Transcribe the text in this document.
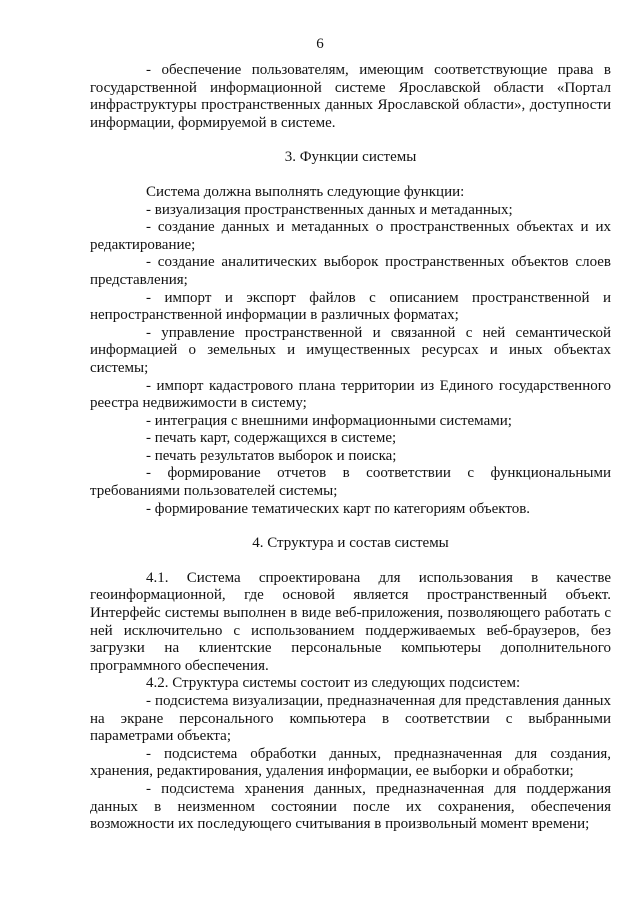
6

- обеспечение пользователям, имеющим соответствующие права в государственной информационной системе Ярославской области «Портал инфраструктуры пространственных данных Ярославской области», доступности информации, формируемой в системе.

3. Функции системы

Система должна выполнять следующие функции:

- визуализация пространственных данных и метаданных;

- создание данных и метаданных о пространственных объектах и их редактирование;

- создание аналитических выборок пространственных объектов слоев представления;

- импорт и экспорт файлов с описанием пространственной и непространственной информации в различных форматах;

- управление пространственной и связанной с ней семантической информацией о земельных и имущественных ресурсах и иных объектах системы;

- импорт кадастрового плана территории из Единого государственного реестра недвижимости в систему;

- интеграция с внешними информационными системами;

- печать карт, содержащихся в системе;

- печать результатов выборок и поиска;

- формирование отчетов в соответствии с функциональными требованиями пользователей системы;

- формирование тематических карт по категориям объектов.

4. Структура и состав системы

4.1. Система спроектирована для использования в качестве геоинформационной, где основой является пространственный объект. Интерфейс системы выполнен в виде веб-приложения, позволяющего работать с ней исключительно с использованием поддерживаемых веб-браузеров, без загрузки на клиентские персональные компьютеры дополнительного программного обеспечения.

4.2. Структура системы состоит из следующих подсистем:

- подсистема визуализации, предназначенная для представления данных на экране персонального компьютера в соответствии с выбранными параметрами объекта;

- подсистема обработки данных, предназначенная для создания, хранения, редактирования, удаления информации, ее выборки и обработки;

- подсистема хранения данных, предназначенная для поддержания данных в неизменном состоянии после их сохранения, обеспечения возможности их последующего считывания в произвольный момент времени;
